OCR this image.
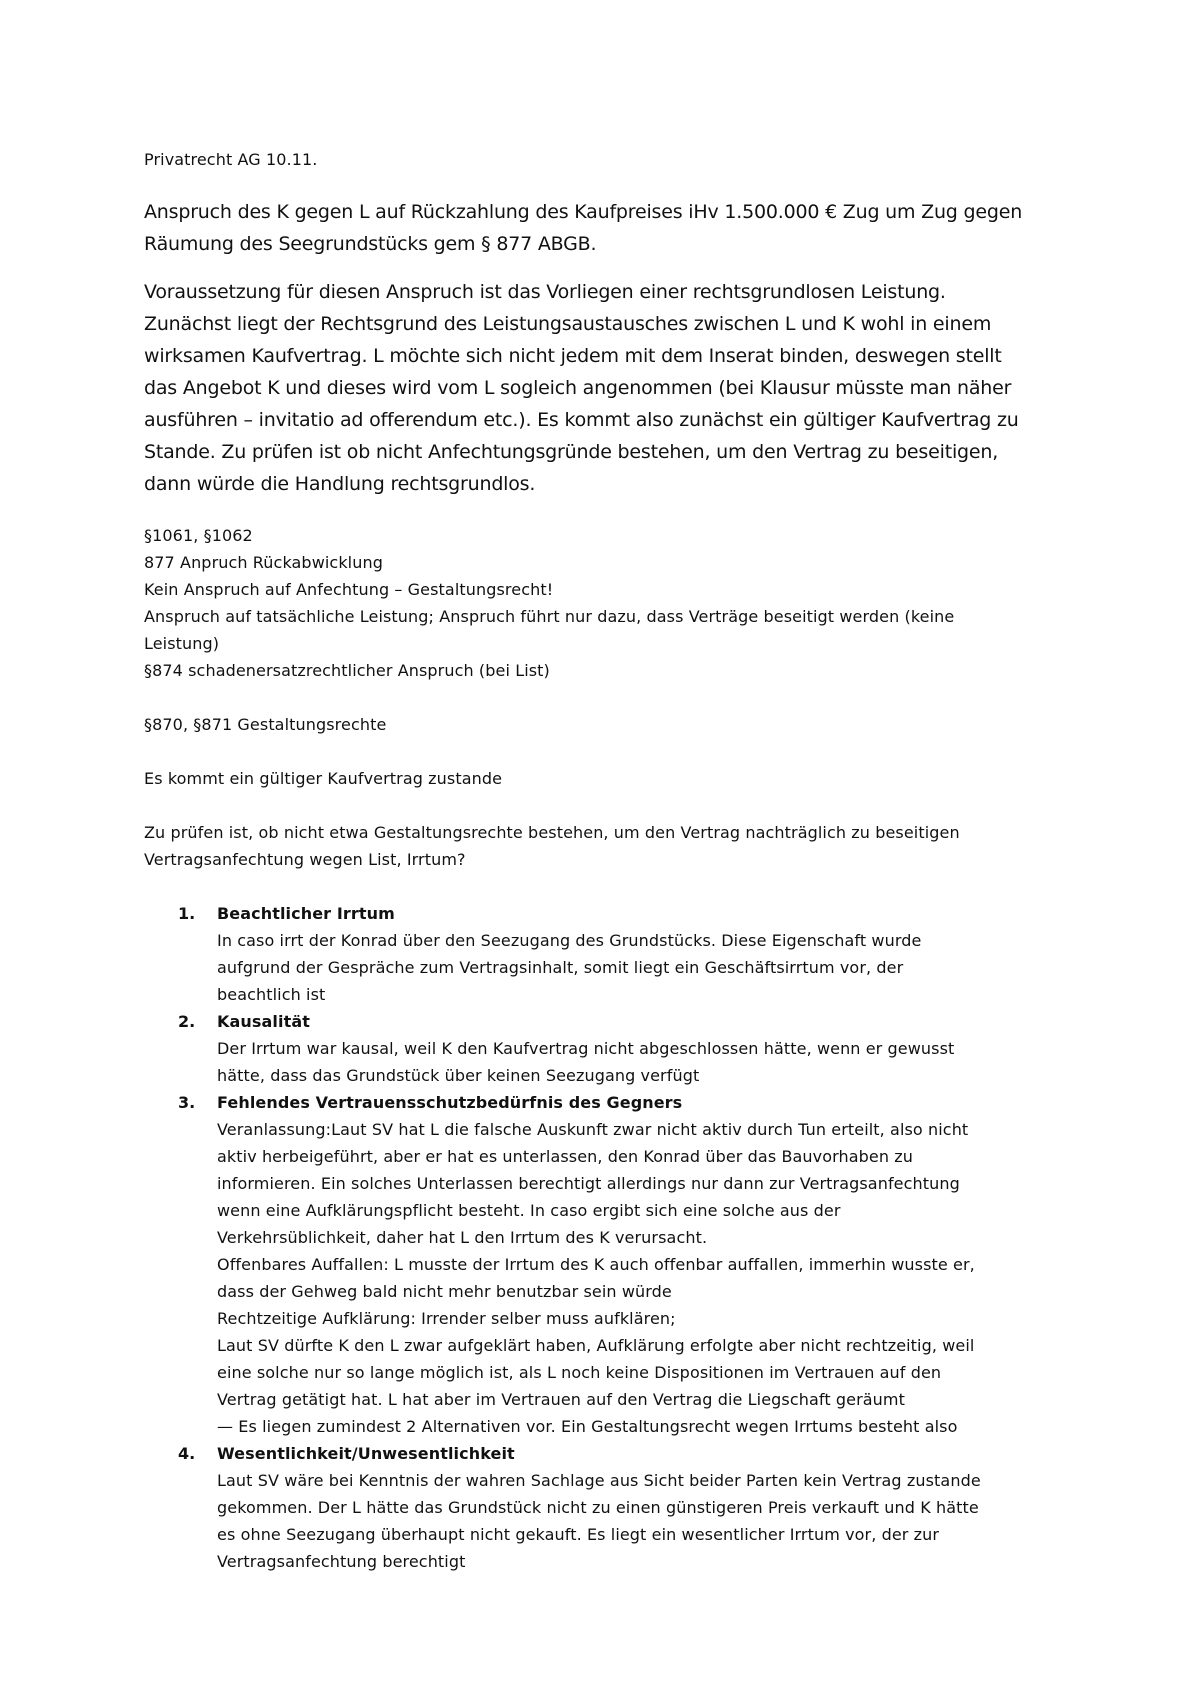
Privatrecht AG 10.11.

Anspruch des K gegen L auf Rückzahlung des Kaufpreises iHv 1.500.000 € Zug um Zug gegen

Räumung des Seegrundstücks gem § 877 ABGB.

Voraussetzung für diesen Anspruch ist das Vorliegen einer rechtsgrundlosen Leistung.

Zunächst liegt der Rechtsgrund des Leistungsaustausches zwischen L und K wohl in einem

wirksamen Kaufvertrag. L möchte sich nicht jedem mit dem Inserat binden, deswegen stellt

das Angebot K und dieses wird vom L sogleich angenommen (bei Klausur müsste man näher

ausführen – invitatio ad offerendum etc.). Es kommt also zunächst ein gültiger Kaufvertrag zu

Stande. Zu prüfen ist ob nicht Anfechtungsgründe bestehen, um den Vertrag zu beseitigen,

dann würde die Handlung rechtsgrundlos.

§1061, §1062

877 Anpruch Rückabwicklung

Kein Anspruch auf Anfechtung – Gestaltungsrecht!

Anspruch auf tatsächliche Leistung; Anspruch führt nur dazu, dass Verträge beseitigt werden (keine

Leistung)

§874 schadenersatzrechtlicher Anspruch (bei List)

§870, §871 Gestaltungsrechte

Es kommt ein gültiger Kaufvertrag zustande

Zu prüfen ist, ob nicht etwa Gestaltungsrechte bestehen, um den Vertrag nachträglich zu beseitigen

Vertragsanfechtung wegen List, Irrtum?

1. Beachtlicher Irrtum

In caso irrt der Konrad über den Seezugang des Grundstücks. Diese Eigenschaft wurde

aufgrund der Gespräche zum Vertragsinhalt, somit liegt ein Geschäftsirrtum vor, der

beachtlich ist

2. Kausalität

Der Irrtum war kausal, weil K den Kaufvertrag nicht abgeschlossen hätte, wenn er gewusst

hätte, dass das Grundstück über keinen Seezugang verfügt

3. Fehlendes Vertrauensschutzbedürfnis des Gegners

Veranlassung:Laut SV hat L die falsche Auskunft zwar nicht aktiv durch Tun erteilt, also nicht

aktiv herbeigeführt, aber er hat es unterlassen, den Konrad über das Bauvorhaben zu

informieren. Ein solches Unterlassen berechtigt allerdings nur dann zur Vertragsanfechtung

wenn eine Aufklärungspflicht besteht. In caso ergibt sich eine solche aus der

Verkehrsüblichkeit, daher hat L den Irrtum des K verursacht.

Offenbares Auffallen: L musste der Irrtum des K auch offenbar auffallen, immerhin wusste er,

dass der Gehweg bald nicht mehr benutzbar sein würde

Rechtzeitige Aufklärung: Irrender selber muss aufklären;

Laut SV dürfte K den L zwar aufgeklärt haben, Aufklärung erfolgte aber nicht rechtzeitig, weil

eine solche nur so lange möglich ist, als L noch keine Dispositionen im Vertrauen auf den

Vertrag getätigt hat. L hat aber im Vertrauen auf den Vertrag die Liegschaft geräumt

— Es liegen zumindest 2 Alternativen vor. Ein Gestaltungsrecht wegen Irrtums besteht also

4. Wesentlichkeit/Unwesentlichkeit

Laut SV wäre bei Kenntnis der wahren Sachlage aus Sicht beider Parten kein Vertrag zustande

gekommen. Der L hätte das Grundstück nicht zu einen günstigeren Preis verkauft und K hätte

es ohne Seezugang überhaupt nicht gekauft. Es liegt ein wesentlicher Irrtum vor, der zur

Vertragsanfechtung berechtigt
